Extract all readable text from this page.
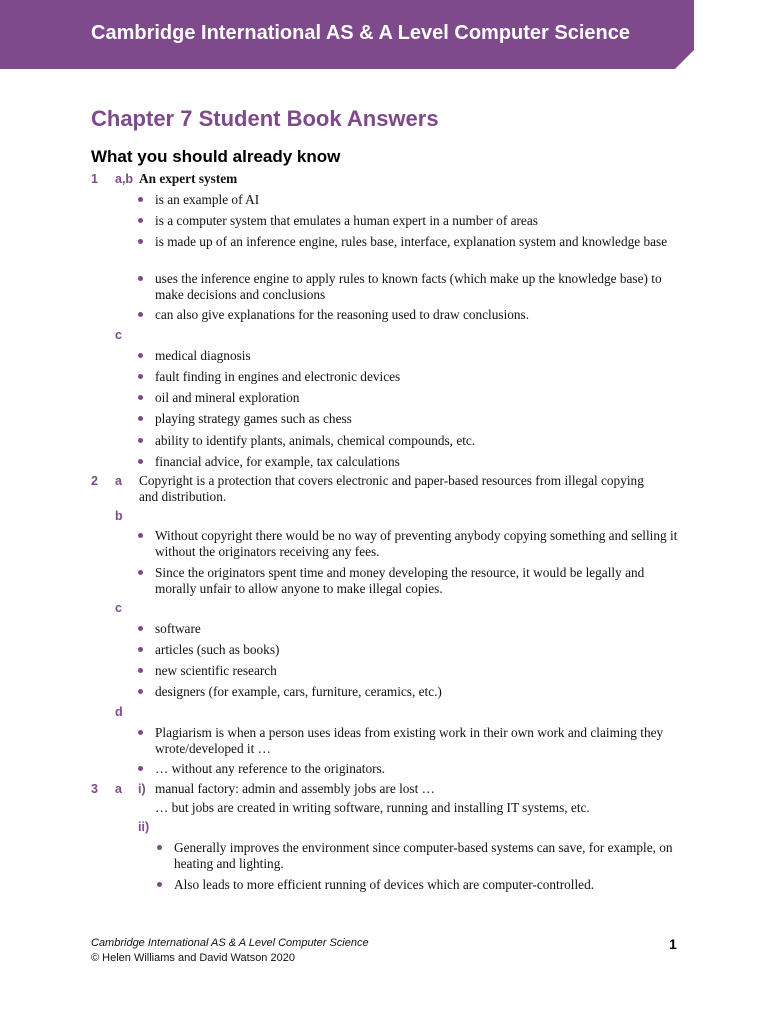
Cambridge International AS & A Level Computer Science
Chapter 7 Student Book Answers
What you should already know
1 a,b An expert system
is an example of AI
is a computer system that emulates a human expert in a number of areas
is made up of an inference engine, rules base, interface, explanation system and knowledge base
uses the inference engine to apply rules to known facts (which make up the knowledge base) to make decisions and conclusions
can also give explanations for the reasoning used to draw conclusions.
c
medical diagnosis
fault finding in engines and electronic devices
oil and mineral exploration
playing strategy games such as chess
ability to identify plants, animals, chemical compounds, etc.
financial advice, for example, tax calculations
2 a Copyright is a protection that covers electronic and paper-based resources from illegal copying and distribution.
b
Without copyright there would be no way of preventing anybody copying something and selling it without the originators receiving any fees.
Since the originators spent time and money developing the resource, it would be legally and morally unfair to allow anyone to make illegal copies.
c
software
articles (such as books)
new scientific research
designers (for example, cars, furniture, ceramics, etc.)
d
Plagiarism is when a person uses ideas from existing work in their own work and claiming they wrote/developed it …
… without any reference to the originators.
3 a i) manual factory: admin and assembly jobs are lost …
… but jobs are created in writing software, running and installing IT systems, etc.
ii)
Generally improves the environment since computer-based systems can save, for example, on heating and lighting.
Also leads to more efficient running of devices which are computer-controlled.
Cambridge International AS & A Level Computer Science
© Helen Williams and David Watson 2020
1
